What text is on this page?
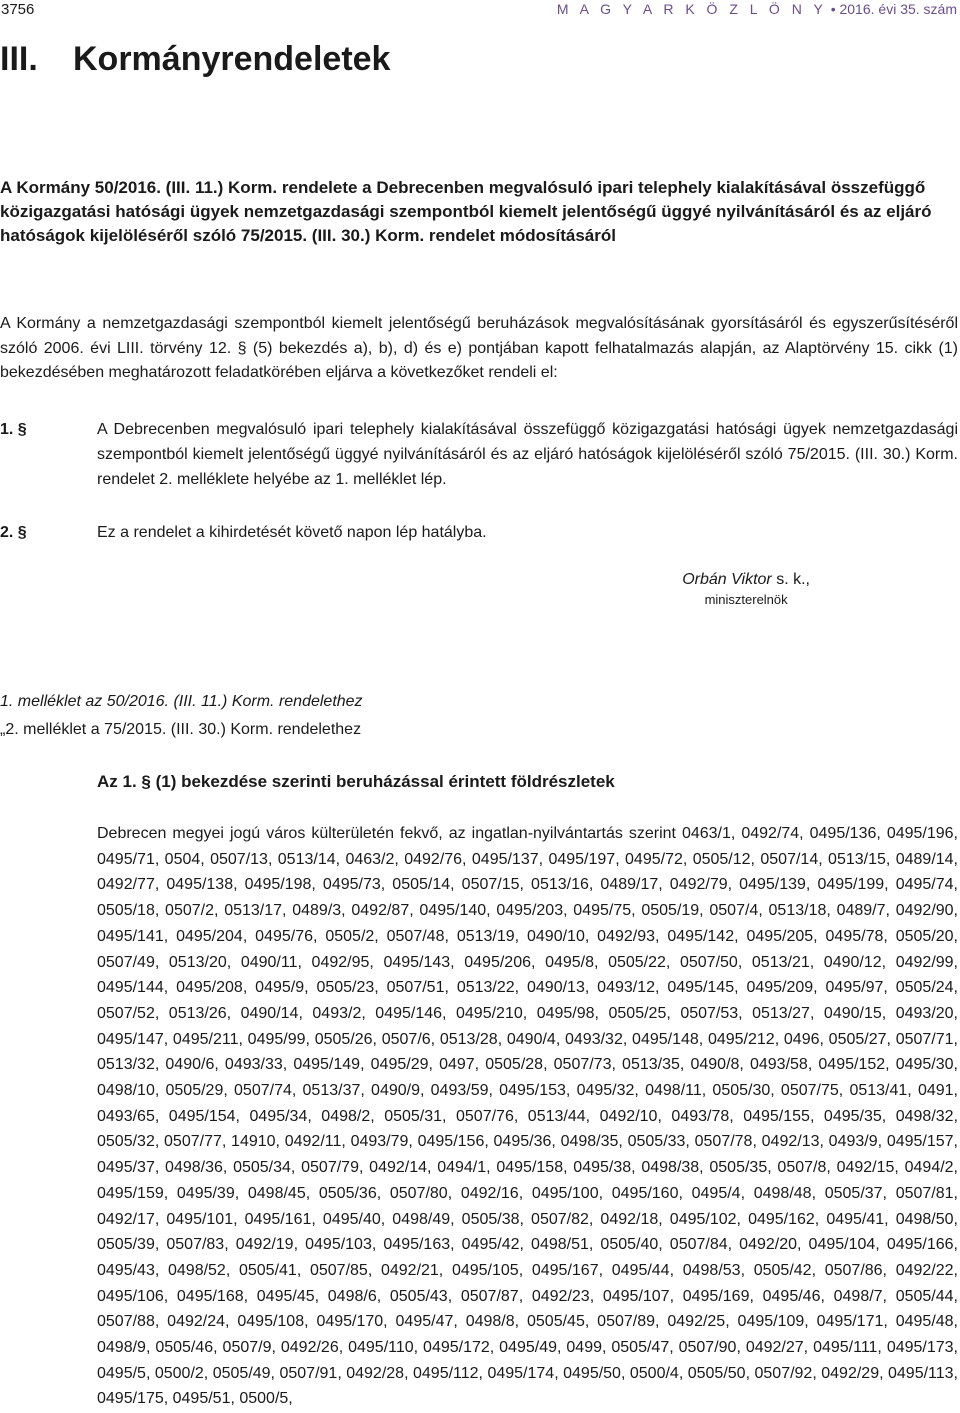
3756	M A G Y A R K Ö Z L Ö N Y • 2016. évi 35. szám
III. Kormányrendeletek
A Kormány 50/2016. (III. 11.) Korm. rendelete a Debrecenben megvalósuló ipari telephely kialakításával összefüggő közigazgatási hatósági ügyek nemzetgazdasági szempontból kiemelt jelentőségű üggyé nyilvánításáról és az eljáró hatóságok kijelöléséről szóló 75/2015. (III. 30.) Korm. rendelet módosításáról

A Kormány a nemzetgazdasági szempontból kiemelt jelentőségű beruházások megvalósításának gyorsításáról és egyszerűsítéséről szóló 2006. évi LIII. törvény 12. § (5) bekezdés a), b), d) és e) pontjában kapott felhatalmazás alapján, az Alaptörvény 15. cikk (1) bekezdésében meghatározott feladatkörében eljárva a következőket rendeli el:

1. §	A Debrecenben megvalósuló ipari telephely kialakításával összefüggő közigazgatási hatósági ügyek nemzetgazdasági szempontból kiemelt jelentőségű üggyé nyilvánításáról és az eljáró hatóságok kijelöléséről szóló 75/2015. (III. 30.) Korm. rendelet 2. melléklete helyébe az 1. melléklet lép.
2. §	Ez a rendelet a kihirdetését követő napon lép hatályba.
Orbán Viktor s. k.,
miniszterelnök
1. melléklet az 50/2016. (III. 11.) Korm. rendelethez
„2. melléklet a 75/2015. (III. 30.) Korm. rendelethez
Az 1. § (1) bekezdése szerinti beruházással érintett földrészletek

Debrecen megyei jogú város külterületén fekvő, az ingatlan-nyilvántartás szerint 0463/1, 0492/74, 0495/136, 0495/196, 0495/71, 0504, 0507/13, 0513/14, 0463/2, 0492/76, 0495/137, 0495/197, 0495/72, 0505/12, 0507/14, 0513/15, 0489/14, 0492/77, 0495/138, 0495/198, 0495/73, 0505/14, 0507/15, 0513/16, 0489/17, 0492/79, 0495/139, 0495/199, 0495/74, 0505/18, 0507/2, 0513/17, 0489/3, 0492/87, 0495/140, 0495/203, 0495/75, 0505/19, 0507/4, 0513/18, 0489/7, 0492/90, 0495/141, 0495/204, 0495/76, 0505/2, 0507/48, 0513/19, 0490/10, 0492/93, 0495/142, 0495/205, 0495/78, 0505/20, 0507/49, 0513/20, 0490/11, 0492/95, 0495/143, 0495/206, 0495/8, 0505/22, 0507/50, 0513/21, 0490/12, 0492/99, 0495/144, 0495/208, 0495/9, 0505/23, 0507/51, 0513/22, 0490/13, 0493/12, 0495/145, 0495/209, 0495/97, 0505/24, 0507/52, 0513/26, 0490/14, 0493/2, 0495/146, 0495/210, 0495/98, 0505/25, 0507/53, 0513/27, 0490/15, 0493/20, 0495/147, 0495/211, 0495/99, 0505/26, 0507/6, 0513/28, 0490/4, 0493/32, 0495/148, 0495/212, 0496, 0505/27, 0507/71, 0513/32, 0490/6, 0493/33, 0495/149, 0495/29, 0497, 0505/28, 0507/73, 0513/35, 0490/8, 0493/58, 0495/152, 0495/30, 0498/10, 0505/29, 0507/74, 0513/37, 0490/9, 0493/59, 0495/153, 0495/32, 0498/11, 0505/30, 0507/75, 0513/41, 0491, 0493/65, 0495/154, 0495/34, 0498/2, 0505/31, 0507/76, 0513/44, 0492/10, 0493/78, 0495/155, 0495/35, 0498/32, 0505/32, 0507/77, 14910, 0492/11, 0493/79, 0495/156, 0495/36, 0498/35, 0505/33, 0507/78, 0492/13, 0493/9, 0495/157, 0495/37, 0498/36, 0505/34, 0507/79, 0492/14, 0494/1, 0495/158, 0495/38, 0498/38, 0505/35, 0507/8, 0492/15, 0494/2, 0495/159, 0495/39, 0498/45, 0505/36, 0507/80, 0492/16, 0495/100, 0495/160, 0495/4, 0498/48, 0505/37, 0507/81, 0492/17, 0495/101, 0495/161, 0495/40, 0498/49, 0505/38, 0507/82, 0492/18, 0495/102, 0495/162, 0495/41, 0498/50, 0505/39, 0507/83, 0492/19, 0495/103, 0495/163, 0495/42, 0498/51, 0505/40, 0507/84, 0492/20, 0495/104, 0495/166, 0495/43, 0498/52, 0505/41, 0507/85, 0492/21, 0495/105, 0495/167, 0495/44, 0498/53, 0505/42, 0507/86, 0492/22, 0495/106, 0495/168, 0495/45, 0498/6, 0505/43, 0507/87, 0492/23, 0495/107, 0495/169, 0495/46, 0498/7, 0505/44, 0507/88, 0492/24, 0495/108, 0495/170, 0495/47, 0498/8, 0505/45, 0507/89, 0492/25, 0495/109, 0495/171, 0495/48, 0498/9, 0505/46, 0507/9, 0492/26, 0495/110, 0495/172, 0495/49, 0499, 0505/47, 0507/90, 0492/27, 0495/111, 0495/173, 0495/5, 0500/2, 0505/49, 0507/91, 0492/28, 0495/112, 0495/174, 0495/50, 0500/4, 0505/50, 0507/92, 0492/29, 0495/113, 0495/175, 0495/51, 0500/5,
